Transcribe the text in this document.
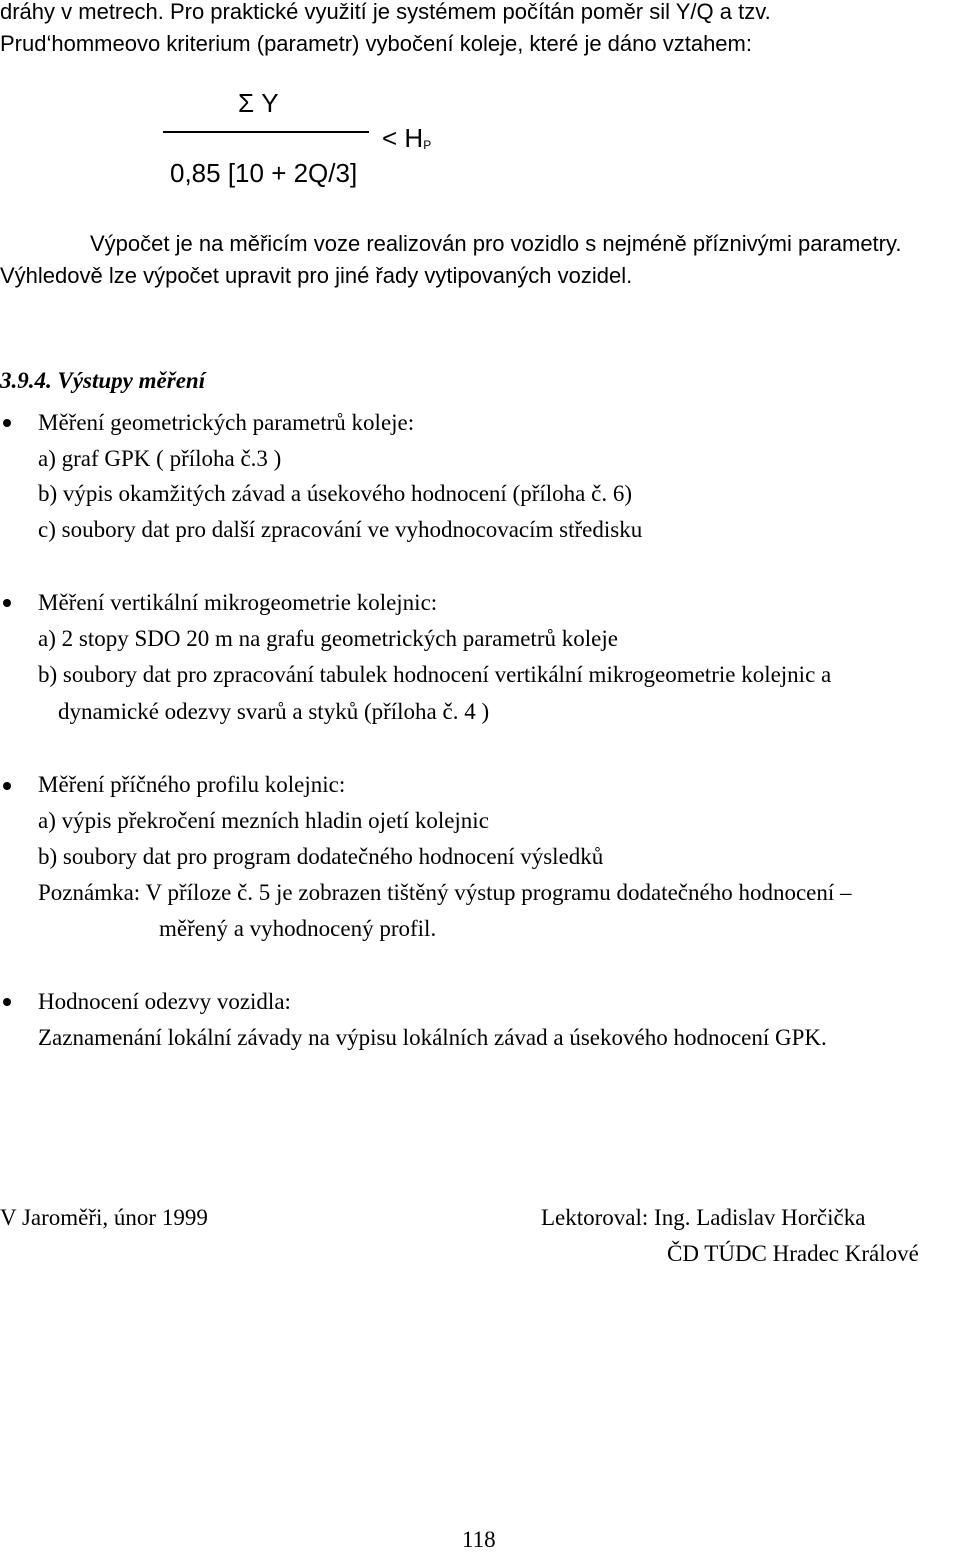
dráhy v metrech. Pro praktické využití je systémem počítán poměr sil Y/Q a tzv.
Prud‘hommeovo kriterium (parametr) vybočení koleje, které je dáno vztahem:
Σ Y
0,85 [10 + 2Q/3]
< HP
Výpočet je na měřicím voze realizován pro vozidlo s nejméně příznivými parametry.
Výhledově lze výpočet upravit pro jiné řady vytipovaných vozidel.
3.9.4. Výstupy měření
Měření geometrických parametrů koleje:
a) graf GPK ( příloha č.3 )
b) výpis okamžitých závad a úsekového hodnocení (příloha č. 6)
c) soubory dat pro další zpracování ve vyhodnocovacím středisku
Měření vertikální mikrogeometrie kolejnic:
a) 2 stopy SDO 20 m na grafu geometrických parametrů koleje
b) soubory dat pro zpracování tabulek hodnocení vertikální mikrogeometrie kolejnic a
dynamické odezvy svarů a styků (příloha č. 4 )
Měření příčného profilu kolejnic:
a) výpis překročení mezních hladin ojetí kolejnic
b) soubory dat pro program dodatečného hodnocení výsledků
Poznámka: V příloze č. 5 je zobrazen tištěný výstup programu dodatečného hodnocení –
měřený a vyhodnocený profil.
Hodnocení odezvy vozidla:
Zaznamenání lokální závady na výpisu lokálních závad a úsekového hodnocení GPK.
V Jaroměři, únor 1999	Lektoroval: Ing. Ladislav Horčička
ČD TÚDC Hradec Králové
118
